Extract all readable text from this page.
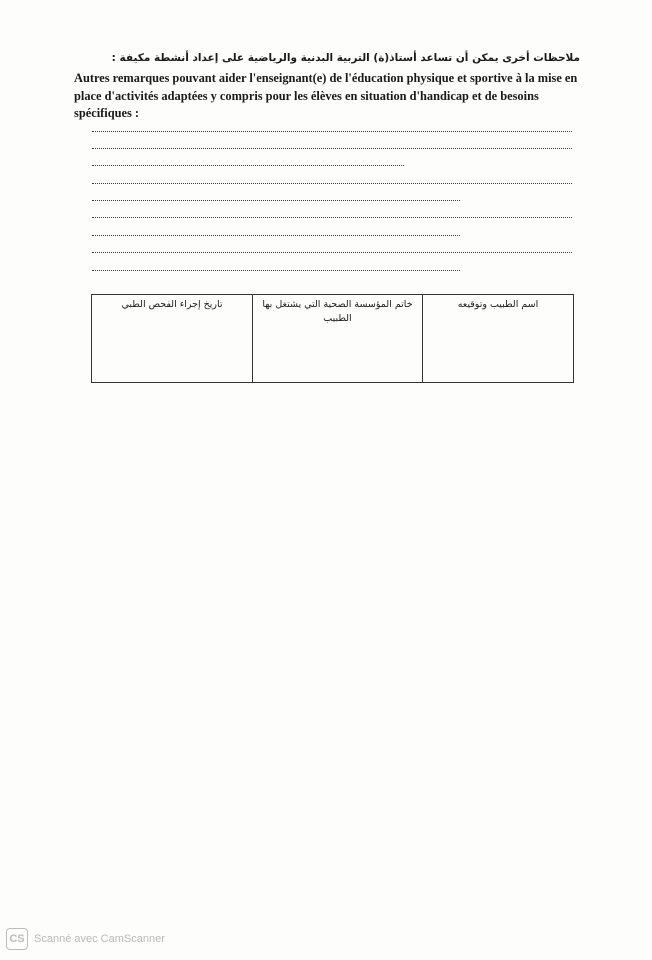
ملاحظات أخرى يمكن أن تساعد أستاذ(ة) التربية البدنية والرياضية على إعداد أنشطة مكيفة :
Autres remarques pouvant aider l'enseignant(e) de l'éducation physique et sportive à la mise en place d'activités adaptées y compris pour les élèves en situation d'handicap et de besoins spécifiques :
اسم الطبيب وتوقيعه
خاتم المؤسسة الصحية التي يشتغل بها الطبيب
تاريخ إجراء الفحص الطبي
CS Scanné avec CamScanner
